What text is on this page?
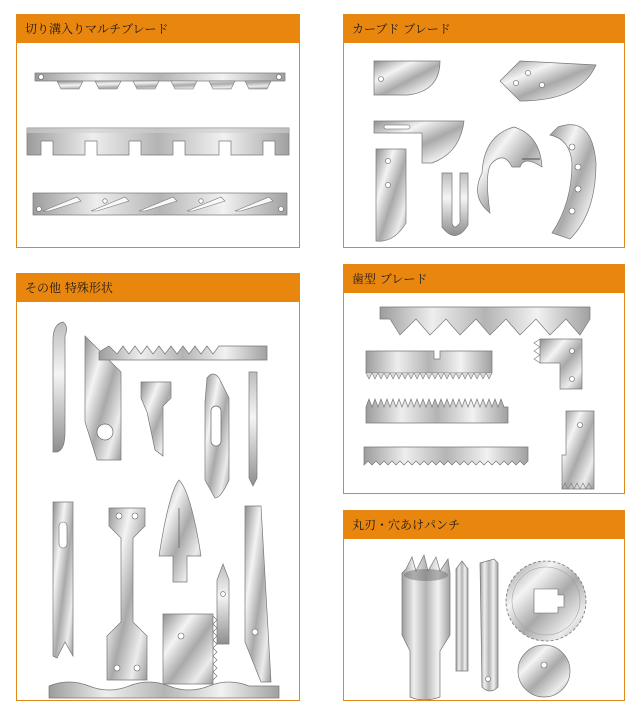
切り溝入りマルチブレード	カーブド ブレード
その他 特殊形状
歯型 ブレード
丸刃・穴あけパンチ
